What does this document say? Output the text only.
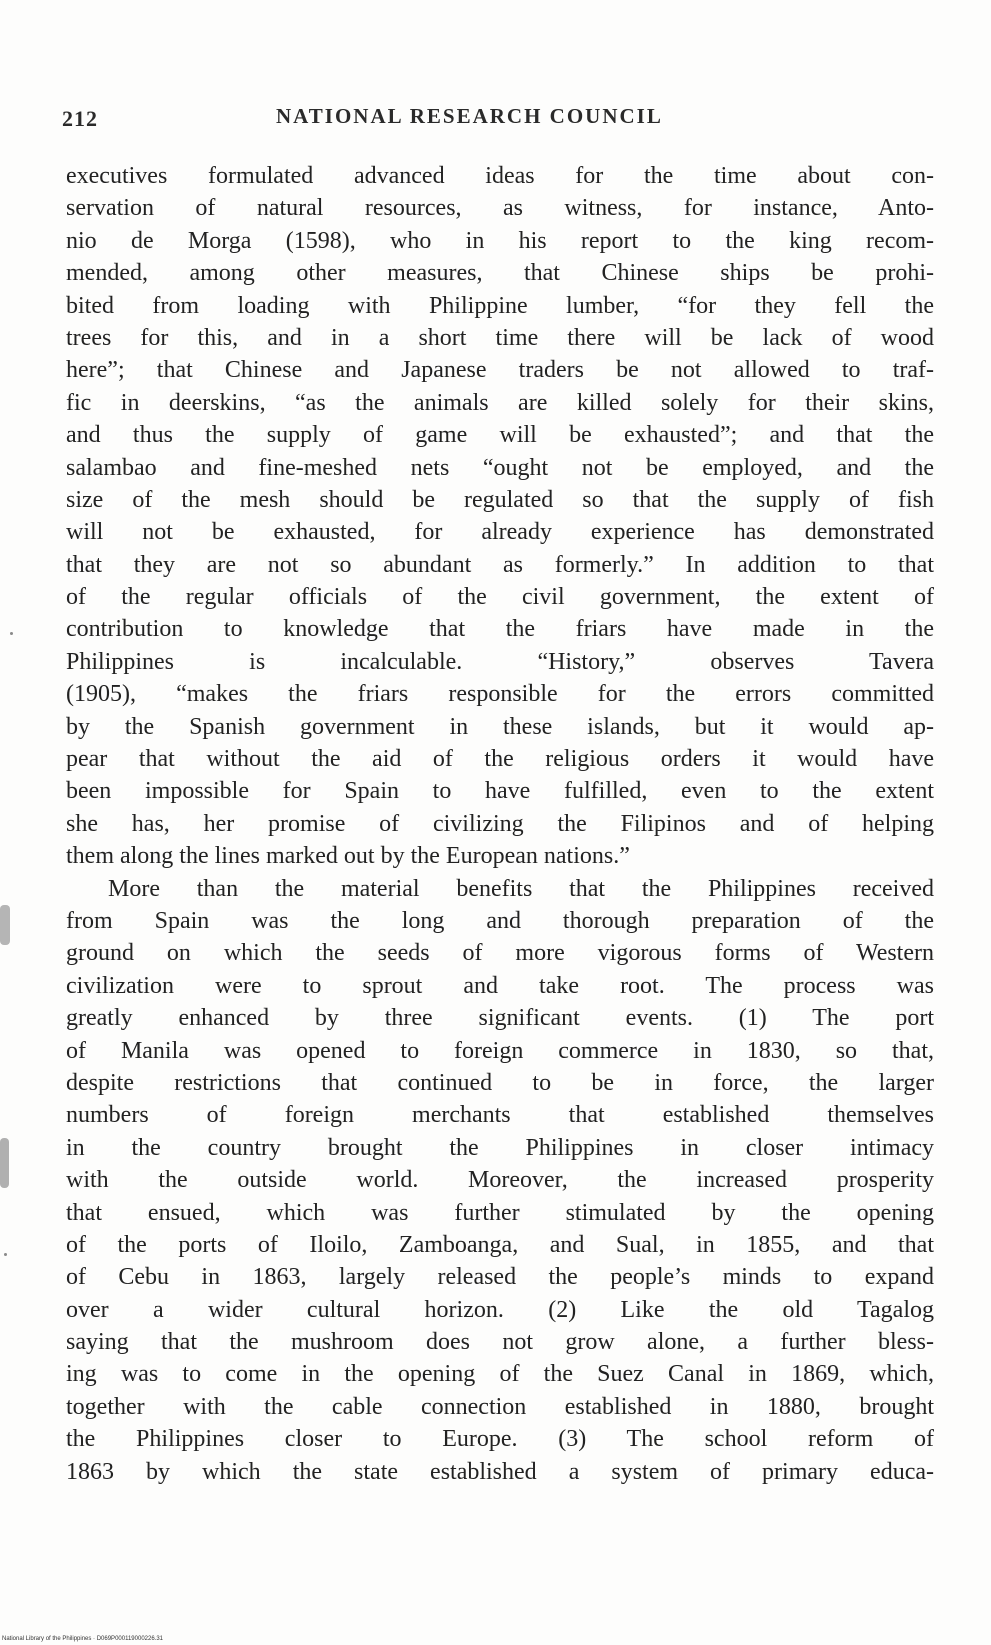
212	NATIONAL RESEARCH COUNCIL
executives formulated advanced ideas for the time about con-
servation of natural resources, as witness, for instance, Anto-
nio de Morga (1598), who in his report to the king recom-
mended, among other measures, that Chinese ships be prohi-
bited from loading with Philippine lumber, “for they fell the
trees for this, and in a short time there will be lack of wood
here”; that Chinese and Japanese traders be not allowed to traf-
fic in deerskins, “as the animals are killed solely for their skins,
and thus the supply of game will be exhausted”; and that the
salambao and fine-meshed nets “ought not be employed, and the
size of the mesh should be regulated so that the supply of fish
will not be exhausted, for already experience has demonstrated
that they are not so abundant as formerly.” In addition to that
of the regular officials of the civil government, the extent of
contribution to knowledge that the friars have made in the
Philippines is incalculable. “History,” observes Tavera
(1905), “makes the friars responsible for the errors committed
by the Spanish government in these islands, but it would ap-
pear that without the aid of the religious orders it would have
been impossible for Spain to have fulfilled, even to the extent
she has, her promise of civilizing the Filipinos and of helping
them along the lines marked out by the European nations.”
More than the material benefits that the Philippines received
from Spain was the long and thorough preparation of the
ground on which the seeds of more vigorous forms of Western
civilization were to sprout and take root. The process was
greatly enhanced by three significant events. (1) The port
of Manila was opened to foreign commerce in 1830, so that,
despite restrictions that continued to be in force, the larger
numbers of foreign merchants that established themselves
in the country brought the Philippines in closer intimacy
with the outside world. Moreover, the increased prosperity
that ensued, which was further stimulated by the opening
of the ports of Iloilo, Zamboanga, and Sual, in 1855, and that
of Cebu in 1863, largely released the people’s minds to expand
over a wider cultural horizon. (2) Like the old Tagalog
saying that the mushroom does not grow alone, a further bless-
ing was to come in the opening of the Suez Canal in 1869, which,
together with the cable connection established in 1880, brought
the Philippines closer to Europe. (3) The school reform of
1863 by which the state established a system of primary educa-
National Library of the Philippines · D069P000119000226.31
